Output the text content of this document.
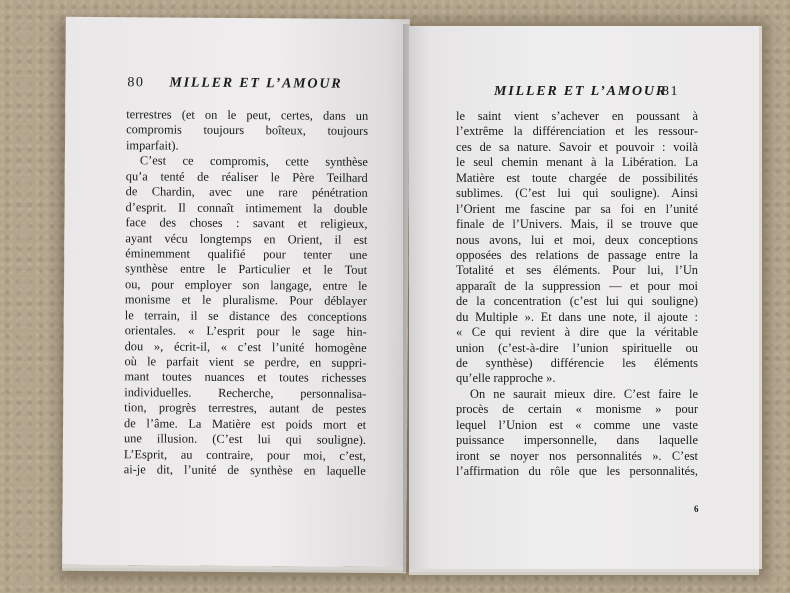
80 MILLER ET L’AMOUR
terrestres (et on le peut, certes, dans un
compromis toujours boîteux, toujours
imparfait).
C’est ce compromis, cette synthèse
qu’a tenté de réaliser le Père Teilhard
de Chardin, avec une rare pénétration
d’esprit. Il connaît intimement la double
face des choses : savant et religieux,
ayant vécu longtemps en Orient, il est
éminemment qualifié pour tenter une
synthèse entre le Particulier et le Tout
ou, pour employer son langage, entre le
monisme et le pluralisme. Pour déblayer
le terrain, il se distance des conceptions
orientales. « L’esprit pour le sage hin-
dou », écrit-il, « c’est l’unité homogène
où le parfait vient se perdre, en suppri-
mant toutes nuances et toutes richesses
individuelles. Recherche, personnalisa-
tion, progrès terrestres, autant de pestes
de l’âme. La Matière est poids mort et
une illusion. (C’est lui qui souligne).
L’Esprit, au contraire, pour moi, c’est,
ai-je dit, l’unité de synthèse en laquelle
MILLER ET L’AMOUR
81
le saint vient s’achever en poussant à
l’extrême la différenciation et les ressour-
ces de sa nature. Savoir et pouvoir : voilà
le seul chemin menant à la Libération. La
Matière est toute chargée de possibilités
sublimes. (C’est lui qui souligne). Ainsi
l’Orient me fascine par sa foi en l’unité
finale de l’Univers. Mais, il se trouve que
nous avons, lui et moi, deux conceptions
opposées des relations de passage entre la
Totalité et ses éléments. Pour lui, l’Un
apparaît de la suppression — et pour moi
de la concentration (c’est lui qui souligne)
du Multiple ». Et dans une note, il ajoute :
« Ce qui revient à dire que la véritable
union (c’est-à-dire l’union spirituelle ou
de synthèse) différencie les éléments
qu’elle rapproche ».
On ne saurait mieux dire. C’est faire le
procès de certain « monisme » pour
lequel l’Union est « comme une vaste
puissance impersonnelle, dans laquelle
iront se noyer nos personnalités ». C’est
l’affirmation du rôle que les personnalités,
6
